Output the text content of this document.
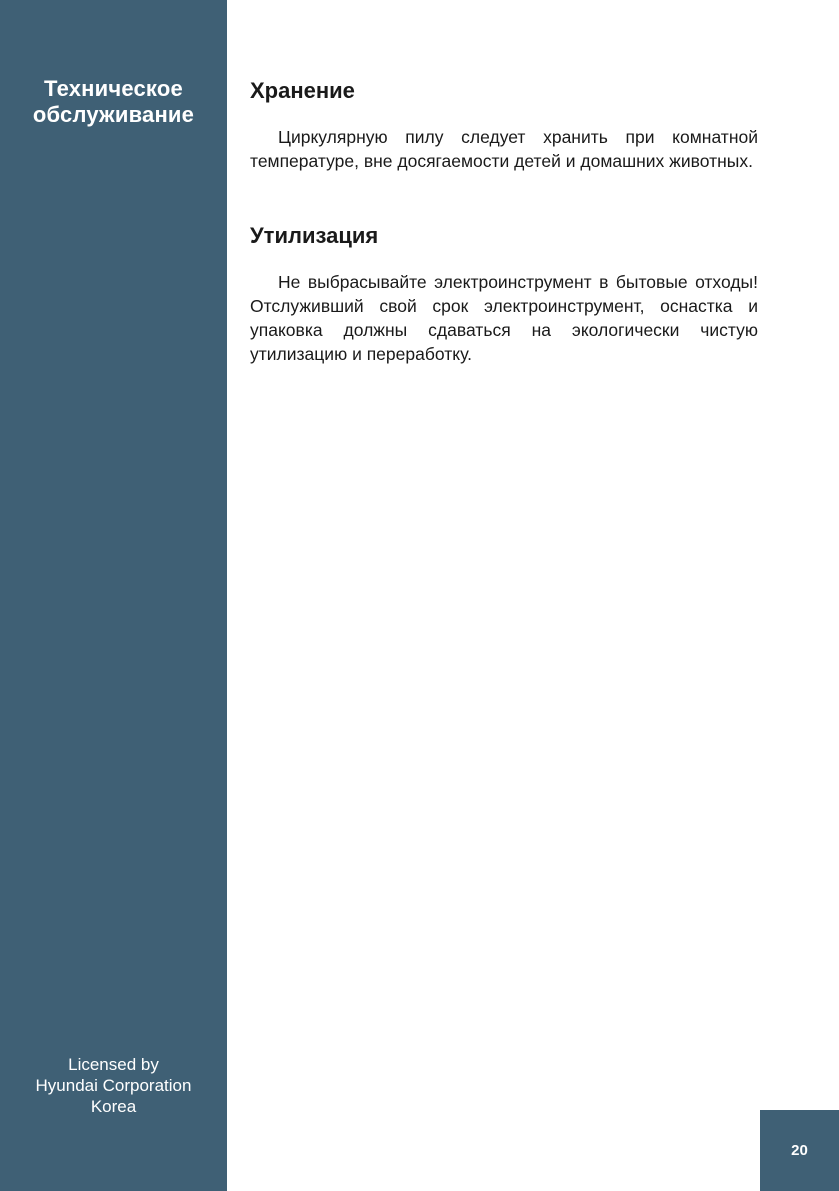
Техническое
обслуживание
Licensed by
Hyundai Corporation
Korea
Хранение

Циркулярную пилу следует хранить при комнатной температуре, вне досягаемости детей и домашних животных.

Утилизация

Не выбрасывайте электроинструмент в бытовые отходы! Отслуживший свой срок электроинструмент, оснастка и упаковка должны сдаваться на экологически чистую утилизацию и переработку.

20
